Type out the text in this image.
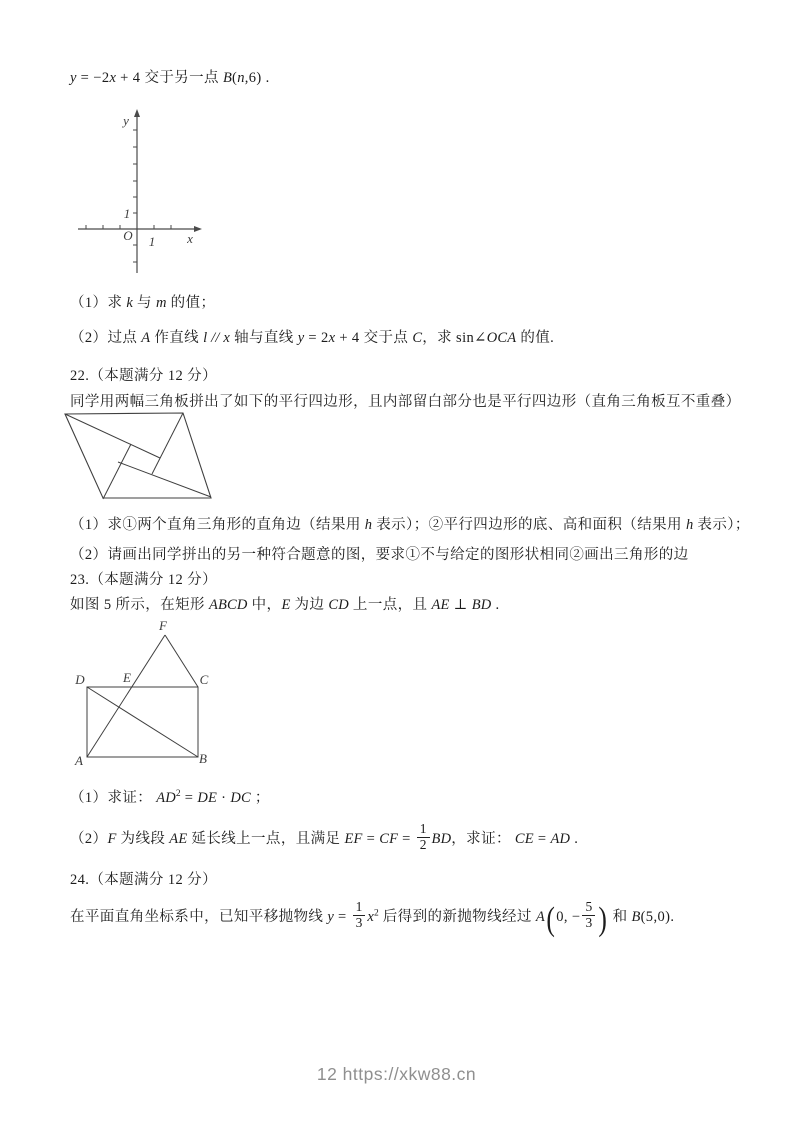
y = −2x + 4 交于另一点 B(n,6) .
y
x
1
1
O
（1）求 k 与 m 的值；
（2）过点 A 作直线 l // x 轴与直线 y = 2x + 4 交于点 C，求 sin∠OCA 的值.
22.（本题满分 12 分）
同学用两幅三角板拼出了如下的平行四边形，且内部留白部分也是平行四边形（直角三角板互不重叠）
（1）求①两个直角三角形的直角边（结果用 h 表示）；②平行四边形的底、高和面积（结果用 h 表示）；
（2）请画出同学拼出的另一种符合题意的图，要求①不与给定的图形状相同②画出三角形的边
23.（本题满分 12 分）
如图 5 所示，在矩形 ABCD 中，E 为边 CD 上一点，且 AE ⊥ BD .
F
D	E	C
A	B
（1）求证： $AD^2$ = DE · DC ；
（2）F 为线段 AE 延长线上一点，且满足 EF = CF = $\frac{1}{2}$ BD，求证： CE = AD .
24.（本题满分 12 分）
在平面直角坐标系中，已知平移抛物线 $y = \frac{1}{3} x^2$ 后得到的新抛物线经过 A(0, − $\frac{5}{3}$ ) 和 B(5,0).
12 https://xkw88.cn
